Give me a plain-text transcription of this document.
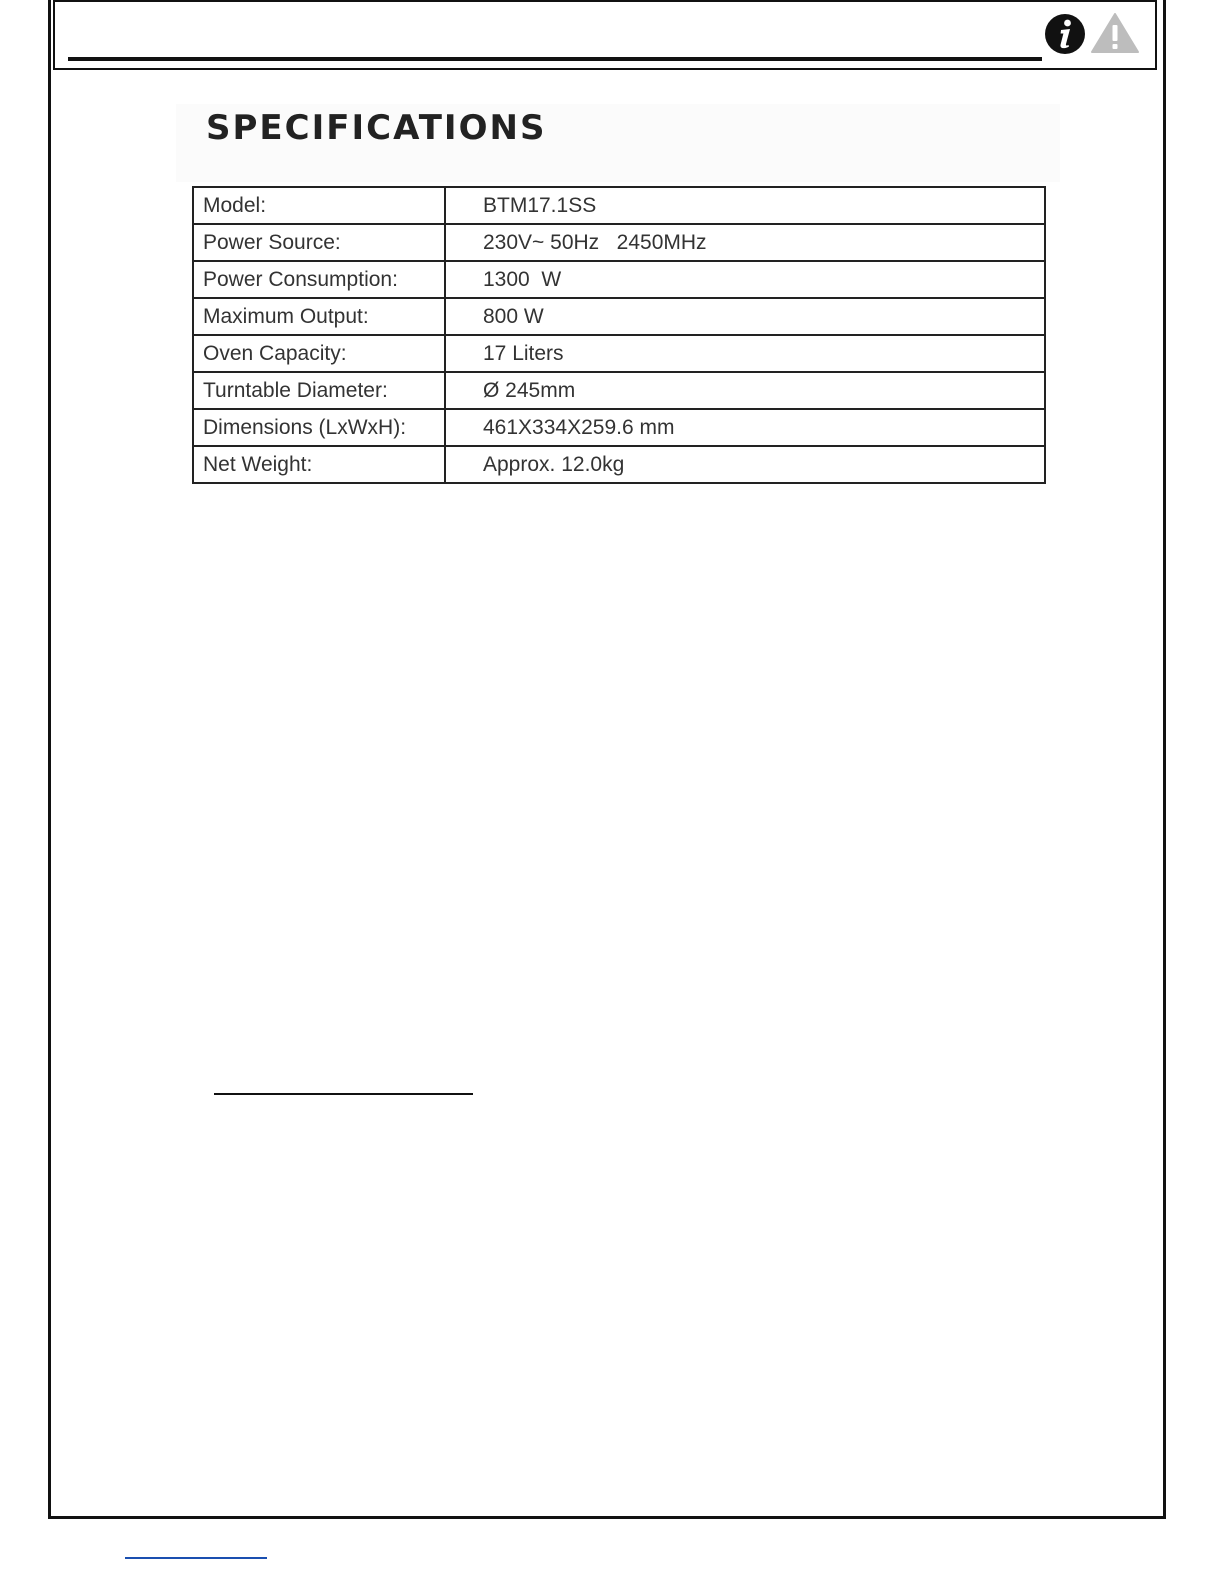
SPECIFICATIONS
Model:	BTM17.1SS
Power Source:	230V~ 50Hz   2450MHz
Power Consumption:	1300  W
Maximum Output:	800 W
Oven Capacity:	17 Liters
Turntable Diameter:	Ø 245mm
Dimensions (LxWxH):	461X334X259.6 mm
Net Weight:	Approx. 12.0kg
